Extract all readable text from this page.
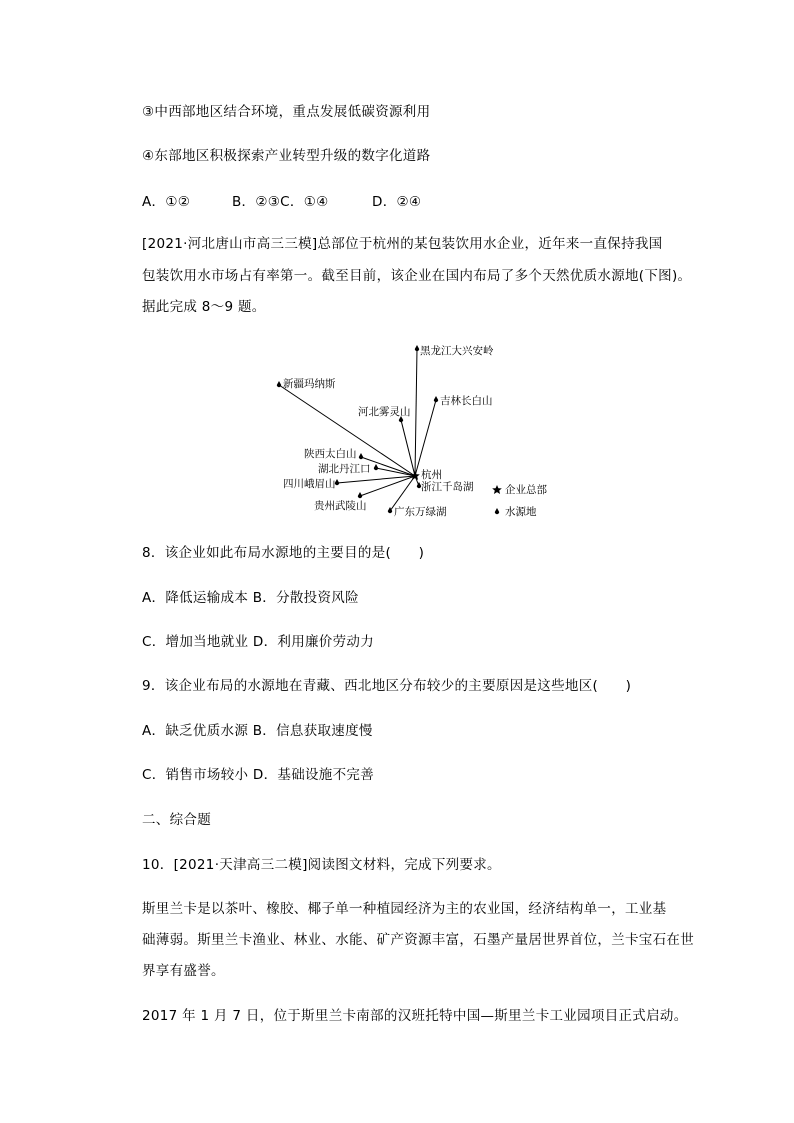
③中西部地区结合环境，重点发展低碳资源利用
④东部地区积极探索产业转型升级的数字化道路
A．①②	B．②③C．①④	D．②④
[2021·河北唐山市高三三模]总部位于杭州的某包装饮用水企业，近年来一直保持我国
包装饮用水市场占有率第一。截至目前，该企业在国内布局了多个天然优质水源地(下图)。
据此完成 8～9 题。
黑龙江大兴安岭
新疆玛纳斯
吉林长白山
河北雾灵山
陕西太白山
湖北丹江口
四川峨眉山
贵州武陵山	广东万绿湖
杭州
浙江千岛湖	企业总部
水源地
8．该企业如此布局水源地的主要目的是(　　)
A．降低运输成本 B．分散投资风险
C．增加当地就业 D．利用廉价劳动力
9．该企业布局的水源地在青藏、西北地区分布较少的主要原因是这些地区(　　)
A．缺乏优质水源 B．信息获取速度慢
C．销售市场较小 D．基础设施不完善
二、综合题
10．[2021·天津高三二模]阅读图文材料，完成下列要求。
斯里兰卡是以茶叶、橡胶、椰子单一种植园经济为主的农业国，经济结构单一，工业基
础薄弱。斯里兰卡渔业、林业、水能、矿产资源丰富，石墨产量居世界首位，兰卡宝石在世
界享有盛誉。
2017 年 1 月 7 日，位于斯里兰卡南部的汉班托特中国—斯里兰卡工业园项目正式启动。
